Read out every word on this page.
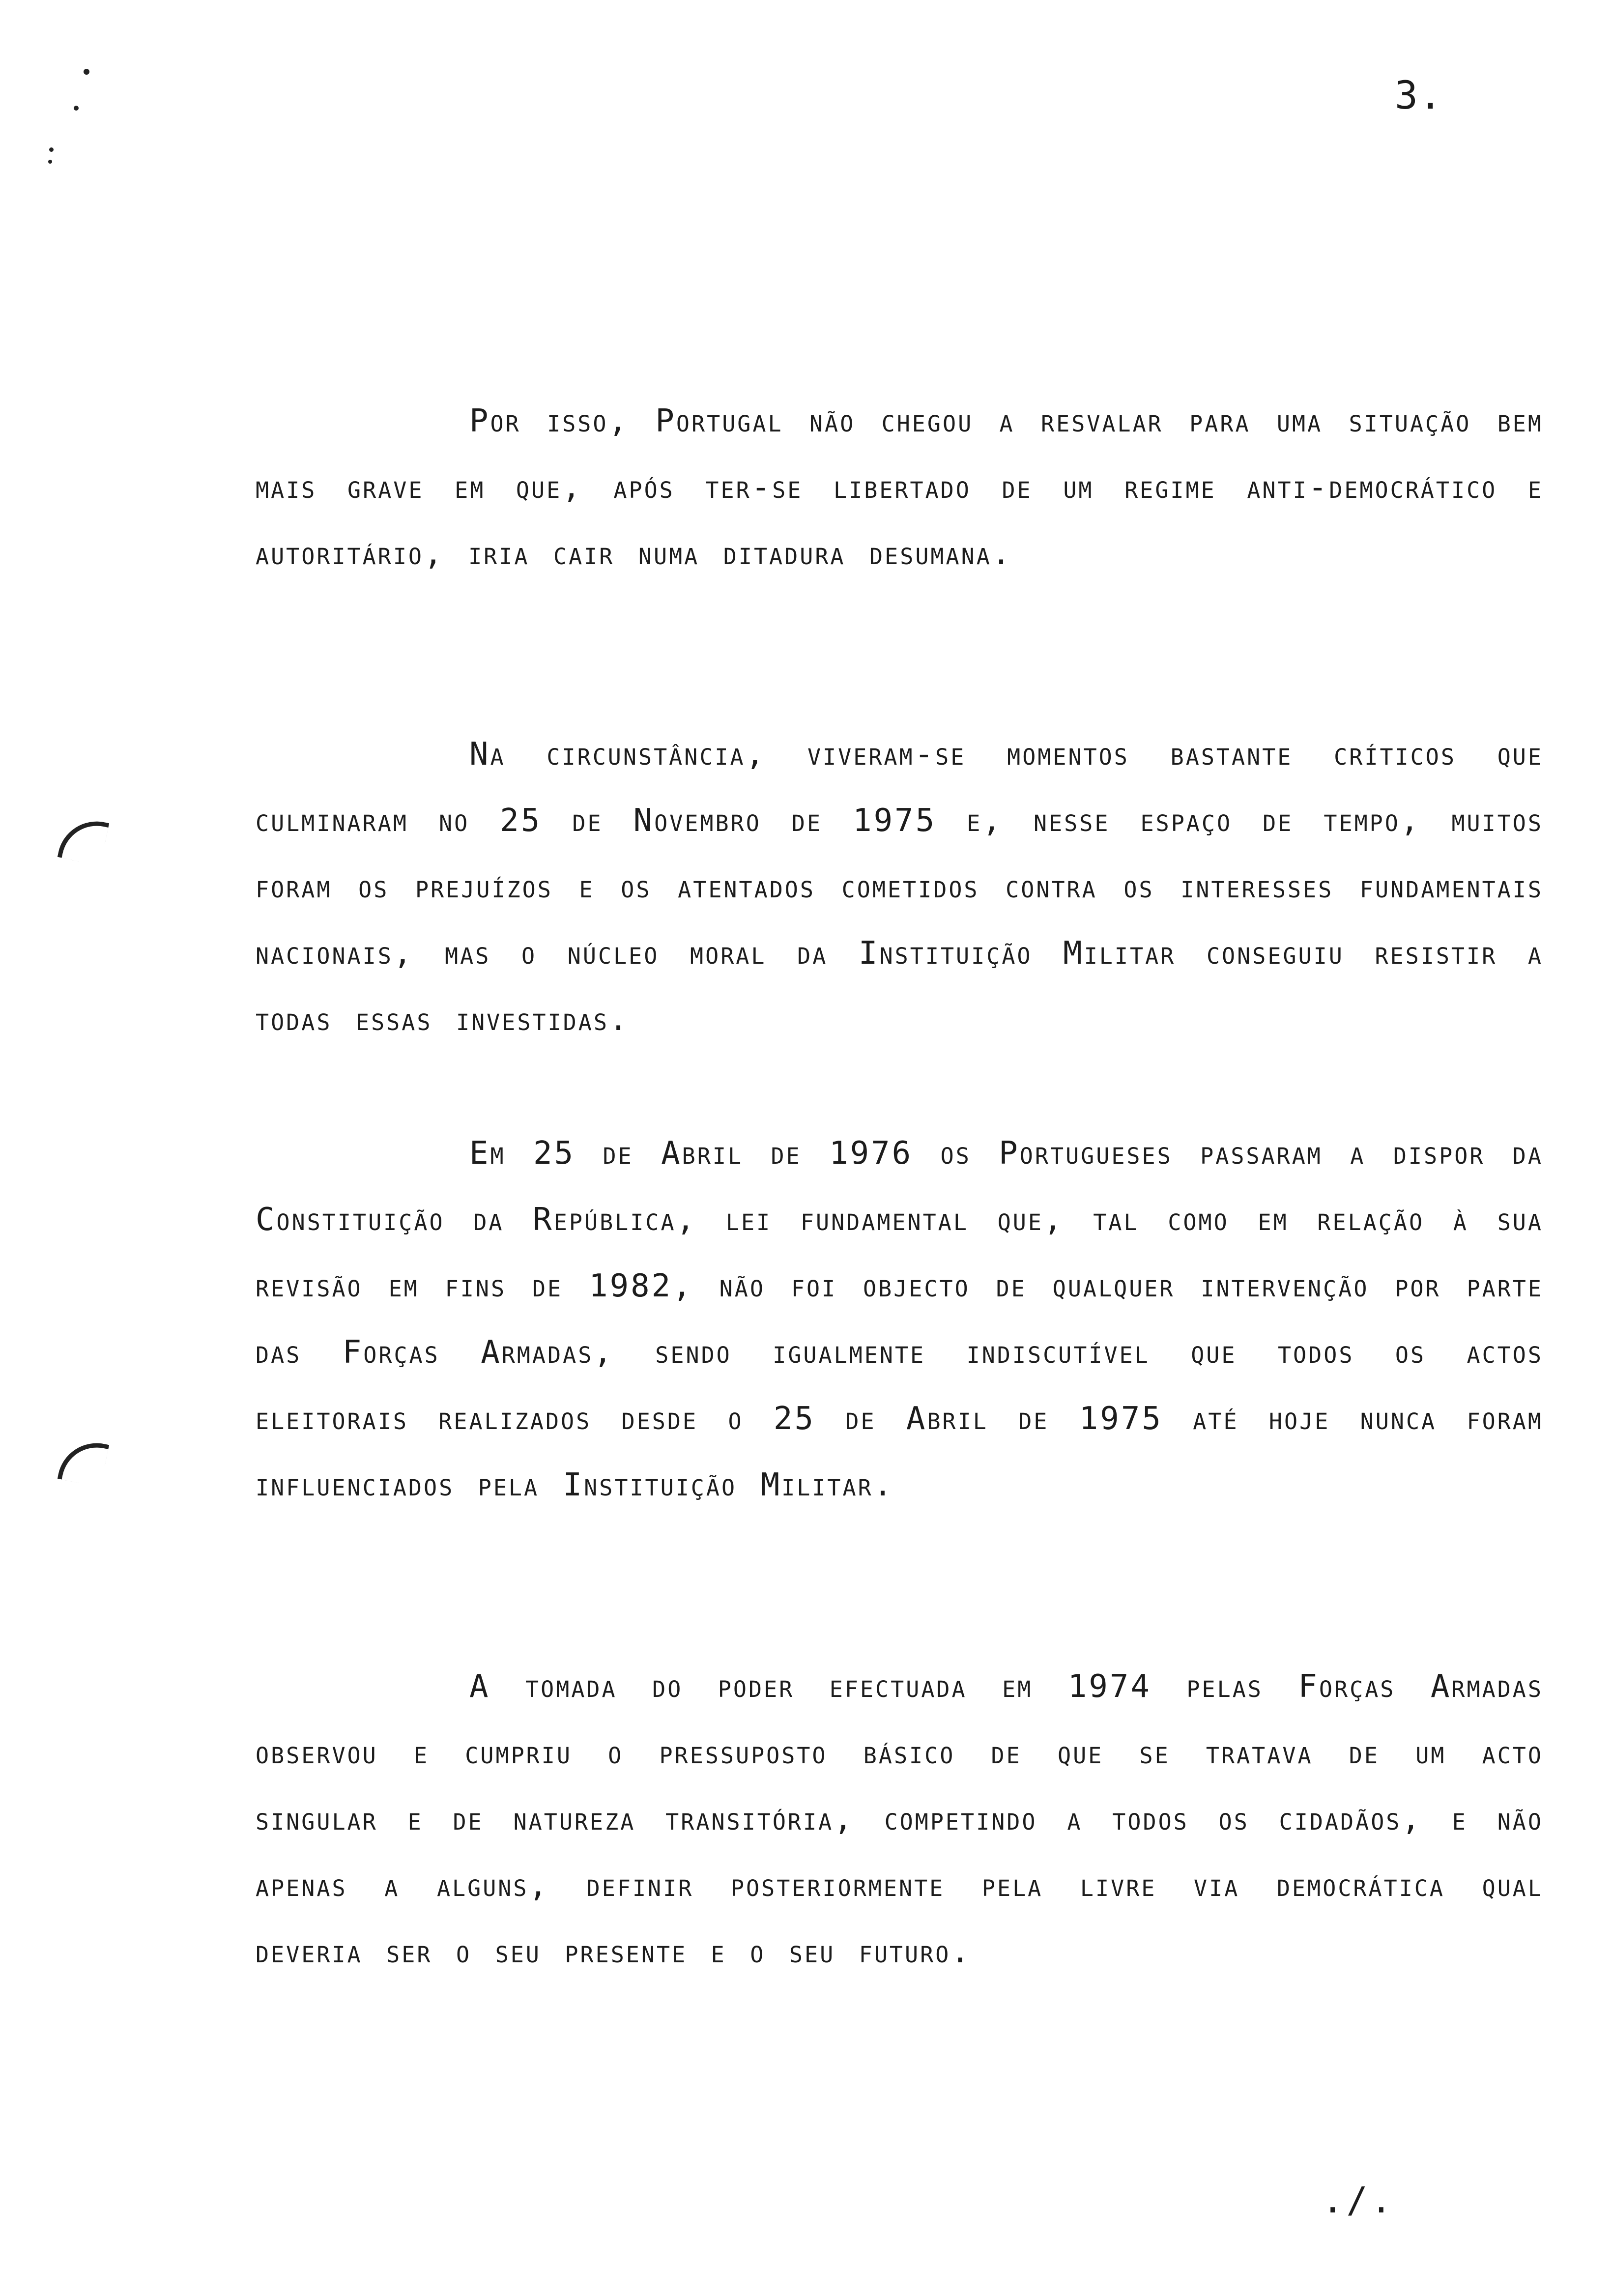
3.

Por isso, Portugal não chegou a resvalar para uma situação bem mais grave em que, após ter-se libertado de um regime anti-democrático e autoritário, iria cair numa ditadura desumana.

Na circunstância, viveram-se momentos bastante críticos que culminaram no 25 de Novembro de 1975 e, nesse espaço de tempo, muitos foram os prejuízos e os atentados cometidos contra os interesses fundamentais nacionais, mas o núcleo moral da Instituição Militar conseguiu resistir a todas essas investidas.

Em 25 de Abril de 1976 os Portugueses passaram a dispor da Constituição da República, lei fundamental que, tal como em relação à sua revisão em fins de 1982, não foi objecto de qualquer intervenção por parte das Forças Armadas, sendo igualmente indiscutível que todos os actos eleitorais realizados desde o 25 de Abril de 1975 até hoje nunca foram influenciados pela Instituição Militar.

A tomada do poder efectuada em 1974 pelas Forças Armadas observou e cumpriu o pressuposto básico de que se tratava de um acto singular e de natureza transitória, competindo a todos os cidadãos, e não apenas a alguns, definir posteriormente pela livre via democrática qual deveria ser o seu presente e o seu futuro.

./.
